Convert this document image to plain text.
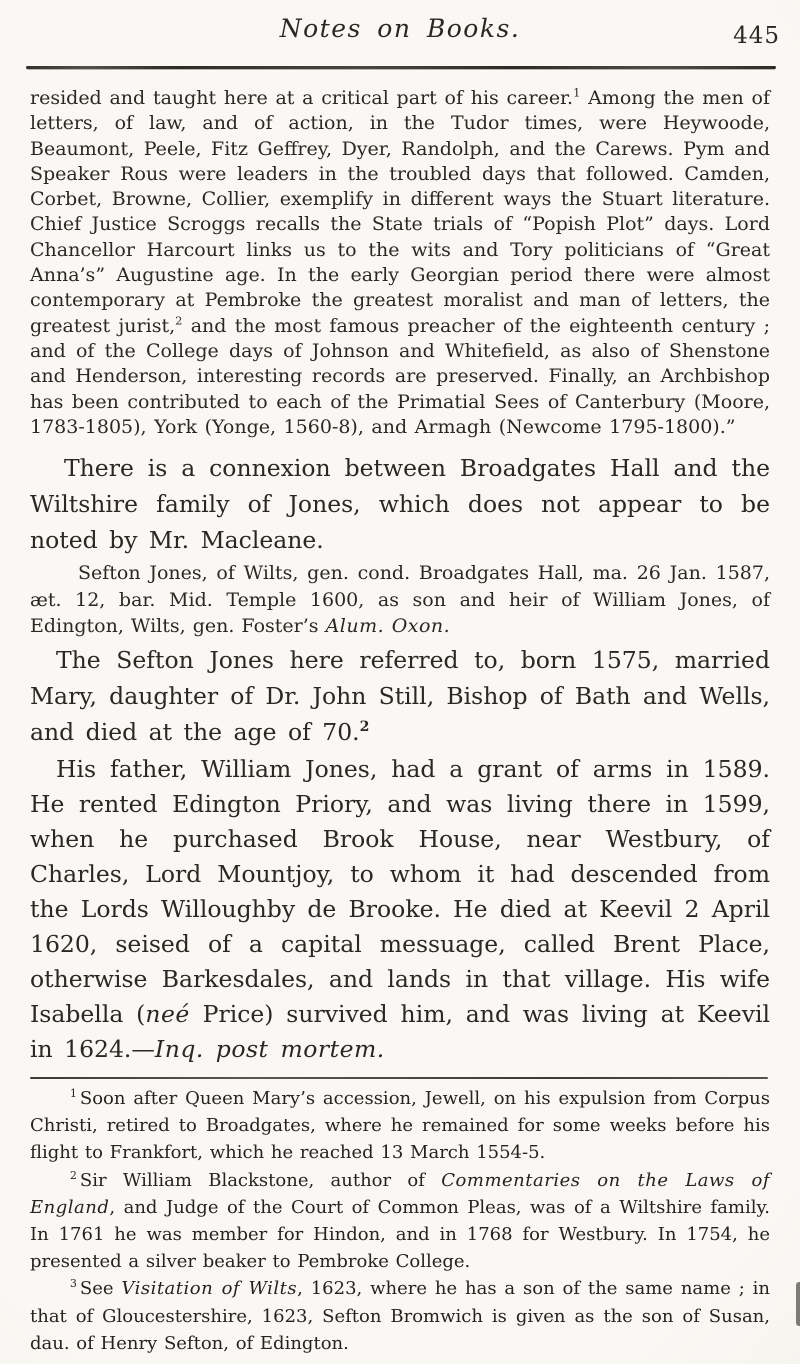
Notes on Books.	445

resided and taught here at a critical part of his career.$^1$ Among the men of letters, of law, and of action, in the Tudor times, were Heywoode, Beaumont, Peele, Fitz Geffrey, Dyer, Randolph, and the Carews. Pym and Speaker Rous were leaders in the troubled days that followed. Camden, Corbet, Browne, Collier, exemplify in different ways the Stuart literature. Chief Justice Scroggs recalls the State trials of “Popish Plot” days. Lord Chancellor Harcourt links us to the wits and Tory politicians of “Great Anna’s” Augustine age. In the early Georgian period there were almost contemporary at Pembroke the greatest moralist and man of letters, the greatest jurist,$^2$ and the most famous preacher of the eighteenth century ; and of the College days of Johnson and Whitefield, as also of Shenstone and Henderson, interesting records are preserved. Finally, an Archbishop has been contributed to each of the Primatial Sees of Canterbury (Moore, 1783-1805), York (Yonge, 1560-8), and Armagh (Newcome 1795-1800).”

There is a connexion between Broadgates Hall and the Wiltshire family of Jones, which does not appear to be noted by Mr. Macleane.

Sefton Jones, of Wilts, gen. cond. Broadgates Hall, ma. 26 Jan. 1587, æt. 12, bar. Mid. Temple 1600, as son and heir of William Jones, of Edington, Wilts, gen. Foster’s Alum. Oxon.

The Sefton Jones here referred to, born 1575, married Mary, daughter of Dr. John Still, Bishop of Bath and Wells, and died at the age of 70.$^2$

His father, William Jones, had a grant of arms in 1589. He rented Edington Priory, and was living there in 1599, when he purchased Brook House, near Westbury, of Charles, Lord Mountjoy, to whom it had descended from the Lords Willoughby de Brooke. He died at Keevil 2 April 1620, seised of a capital messuage, called Brent Place, otherwise Barkesdales, and lands in that village. His wife Isabella (neé Price) survived him, and was living at Keevil in 1624.—Inq. post mortem.

$^1$ Soon after Queen Mary’s accession, Jewell, on his expulsion from Corpus Christi, retired to Broadgates, where he remained for some weeks before his flight to Frankfort, which he reached 13 March 1554-5.

$^2$ Sir William Blackstone, author of Commentaries on the Laws of England, and Judge of the Court of Common Pleas, was of a Wiltshire family. In 1761 he was member for Hindon, and in 1768 for Westbury. In 1754, he presented a silver beaker to Pembroke College.

$^3$ See Visitation of Wilts, 1623, where he has a son of the same name ; in that of Gloucestershire, 1623, Sefton Bromwich is given as the son of Susan, dau. of Henry Sefton, of Edington.
